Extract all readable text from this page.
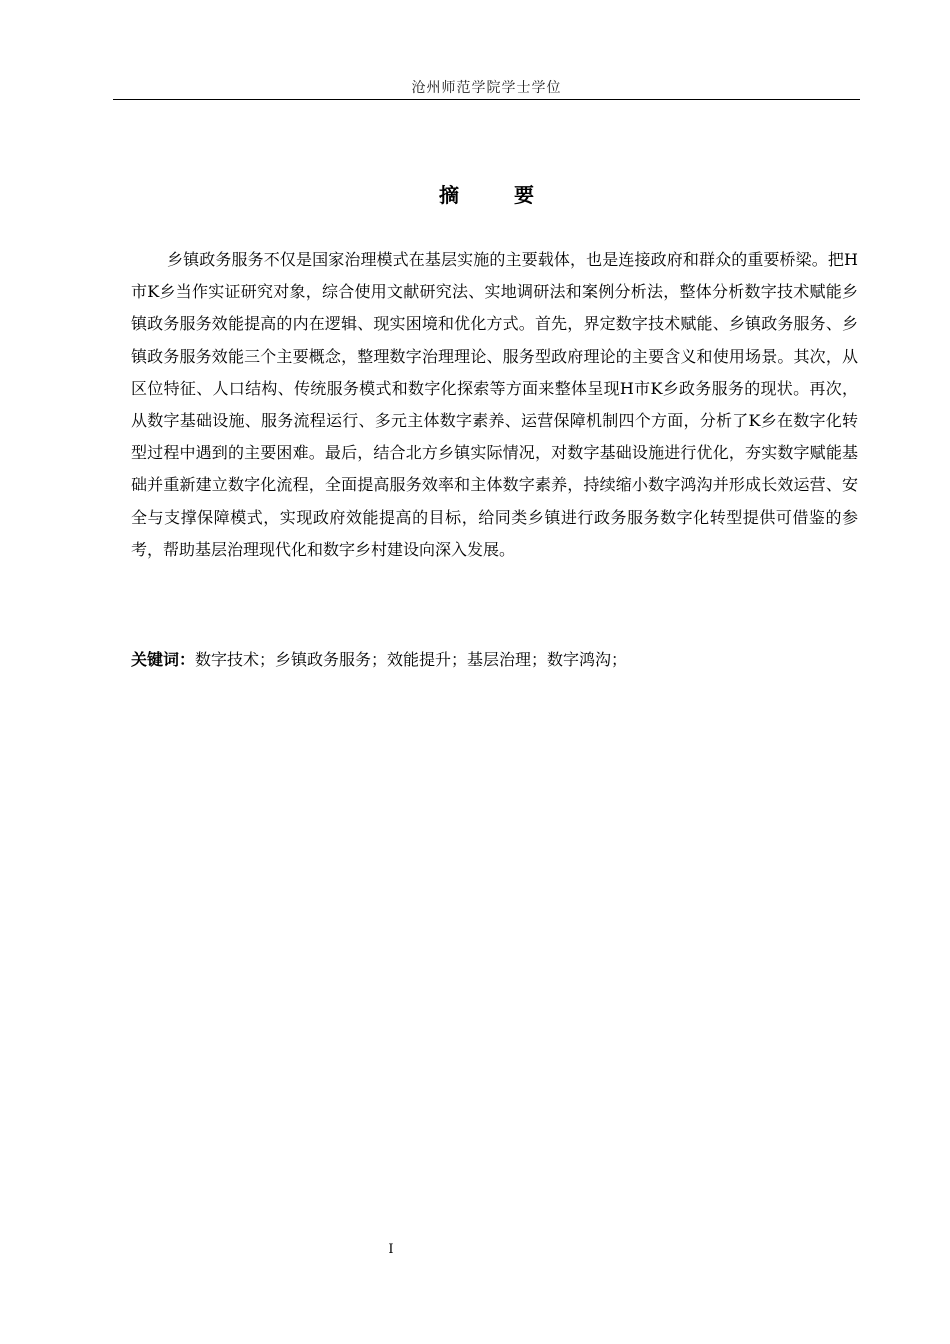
沧州师范学院学士学位
摘 要

乡镇政务服务不仅是国家治理模式在基层实施的主要载体，也是连接政府和群众的重要桥梁。把H市K乡当作实证研究对象，综合使用文献研究法、实地调研法和案例分析法，整体分析数字技术赋能乡镇政务服务效能提高的内在逻辑、现实困境和优化方式。首先，界定数字技术赋能、乡镇政务服务、乡镇政务服务效能三个主要概念，整理数字治理理论、服务型政府理论的主要含义和使用场景。其次，从区位特征、人口结构、传统服务模式和数字化探索等方面来整体呈现H市K乡政务服务的现状。再次，从数字基础设施、服务流程运行、多元主体数字素养、运营保障机制四个方面，分析了K乡在数字化转型过程中遇到的主要困难。最后，结合北方乡镇实际情况，对数字基础设施进行优化，夯实数字赋能基础并重新建立数字化流程，全面提高服务效率和主体数字素养，持续缩小数字鸿沟并形成长效运营、安全与支撑保障模式，实现政府效能提高的目标，给同类乡镇进行政务服务数字化转型提供可借鉴的参考，帮助基层治理现代化和数字乡村建设向深入发展。

关键词：数字技术；乡镇政务服务；效能提升；基层治理；数字鸿沟；
I
